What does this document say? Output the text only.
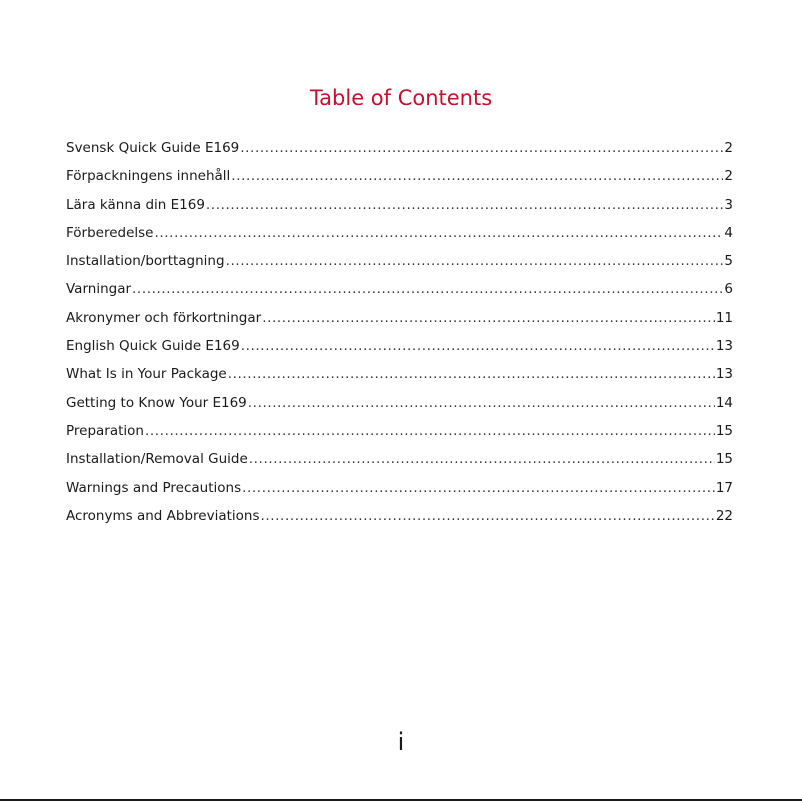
Table of Contents
Svensk Quick Guide E169 .....	2
Förpackningens innehåll .....	2
Lära känna din E169 .....	3
Förberedelse .....	4
Installation/borttagning .....	5
Varningar .....	6
Akronymer och förkortningar .....	11
English Quick Guide E169 .....	13
What Is in Your Package .....	13
Getting to Know Your E169 .....	14
Preparation .....	15
Installation/Removal Guide .....	15
Warnings and Precautions .....	17
Acronyms and Abbreviations .....	22
i
